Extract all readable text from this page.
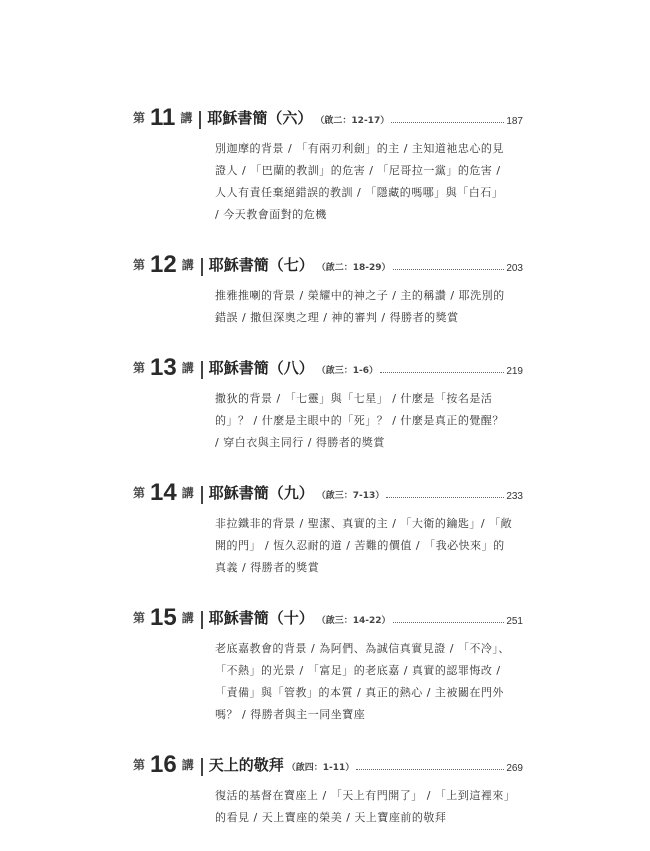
第 11 講 耶穌書簡（六） （啟二：12-17）	187
別迦摩的背景 / 「有兩刃利劍」的主 / 主知道祂忠心的見
證人 / 「巴蘭的教訓」的危害 / 「尼哥拉一黨」的危害 /
人人有責任棄絕錯誤的教訓 / 「隱藏的嗎哪」與「白石」
/ 今天教會面對的危機
第 12 講 耶穌書簡（七） （啟二：18-29）	203
推雅推喇的背景 / 榮耀中的神之子 / 主的稱讚 / 耶洗別的
錯誤 / 撒但深奧之理 / 神的審判 / 得勝者的獎賞
第 13 講 耶穌書簡（八） （啟三：1-6）	219
撒狄的背景 / 「七靈」與「七星」 / 什麼是「按名是活
的」？ / 什麼是主眼中的「死」？ / 什麼是真正的覺醒？
/ 穿白衣與主同行 / 得勝者的獎賞
第 14 講 耶穌書簡（九） （啟三：7-13）	233
非拉鐵非的背景 / 聖潔、真實的主 / 「大衛的鑰匙」/ 「敞
開的門」 / 恆久忍耐的道 / 苦難的價值 / 「我必快來」的
真義 / 得勝者的獎賞
第 15 講 耶穌書簡（十） （啟三：14-22）	251
老底嘉教會的背景 / 為阿們、為誠信真實見證 / 「不冷」、
「不熱」的光景 / 「富足」的老底嘉 / 真實的認罪悔改 /
「責備」與「管教」的本質 / 真正的熱心 / 主被關在門外
嗎？ / 得勝者與主一同坐寶座
第 16 講 天上的敬拜 （啟四：1-11）	269
復活的基督在寶座上 / 「天上有門開了」 / 「上到這裡來」
的看見 / 天上寶座的榮美 / 天上寶座前的敬拜
